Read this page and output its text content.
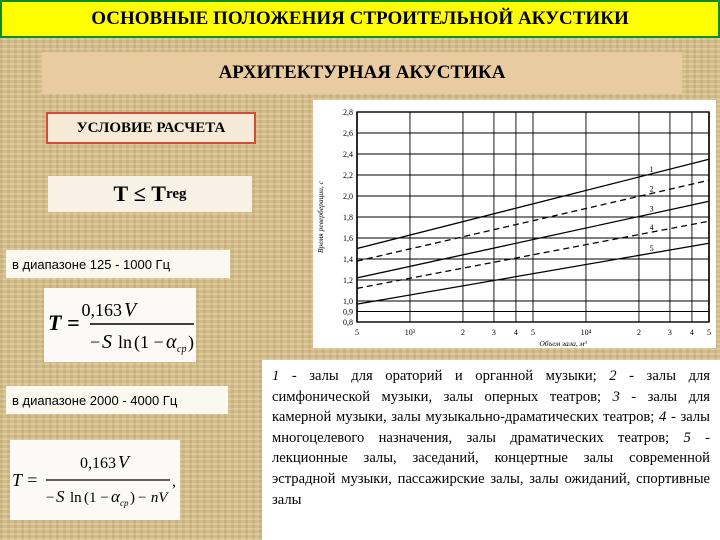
ОСНОВНЫЕ ПОЛОЖЕНИЯ СТРОИТЕЛЬНОЙ АКУСТИКИ
АРХИТЕКТУРНАЯ АКУСТИКА
УСЛОВИЕ РАСЧЕТА
T
≤
T reg
в диапазоне 125 - 1000 Гц
T = 0,163 V
− S ln (1 − α ср )
в диапазоне 2000 - 4000 Гц
T =
0,163 V
− S ln (1 − α ср ) − nV
,
0,8
0,9
1,0
1,2
1,4
1,6
1,8
2,0
2,2
2,4
2,6
2,8
5	10³	2	3 4 5	10⁴	2	3 4 5
1
2
3
4
5
Время реверберации, с
Объем зала, м³
1 - залы для ораторий и органной музыки; 2 - залы для симфонической музыки, залы оперных театров; 3 - залы для камерной музыки, залы музыкально-драматических театров; 4 - залы многоцелевого назначения, залы драматических театров; 5 - лекционные залы, заседаний, концертные залы современной эстрадной музыки, пассажирские залы, залы ожиданий, спортивные залы
